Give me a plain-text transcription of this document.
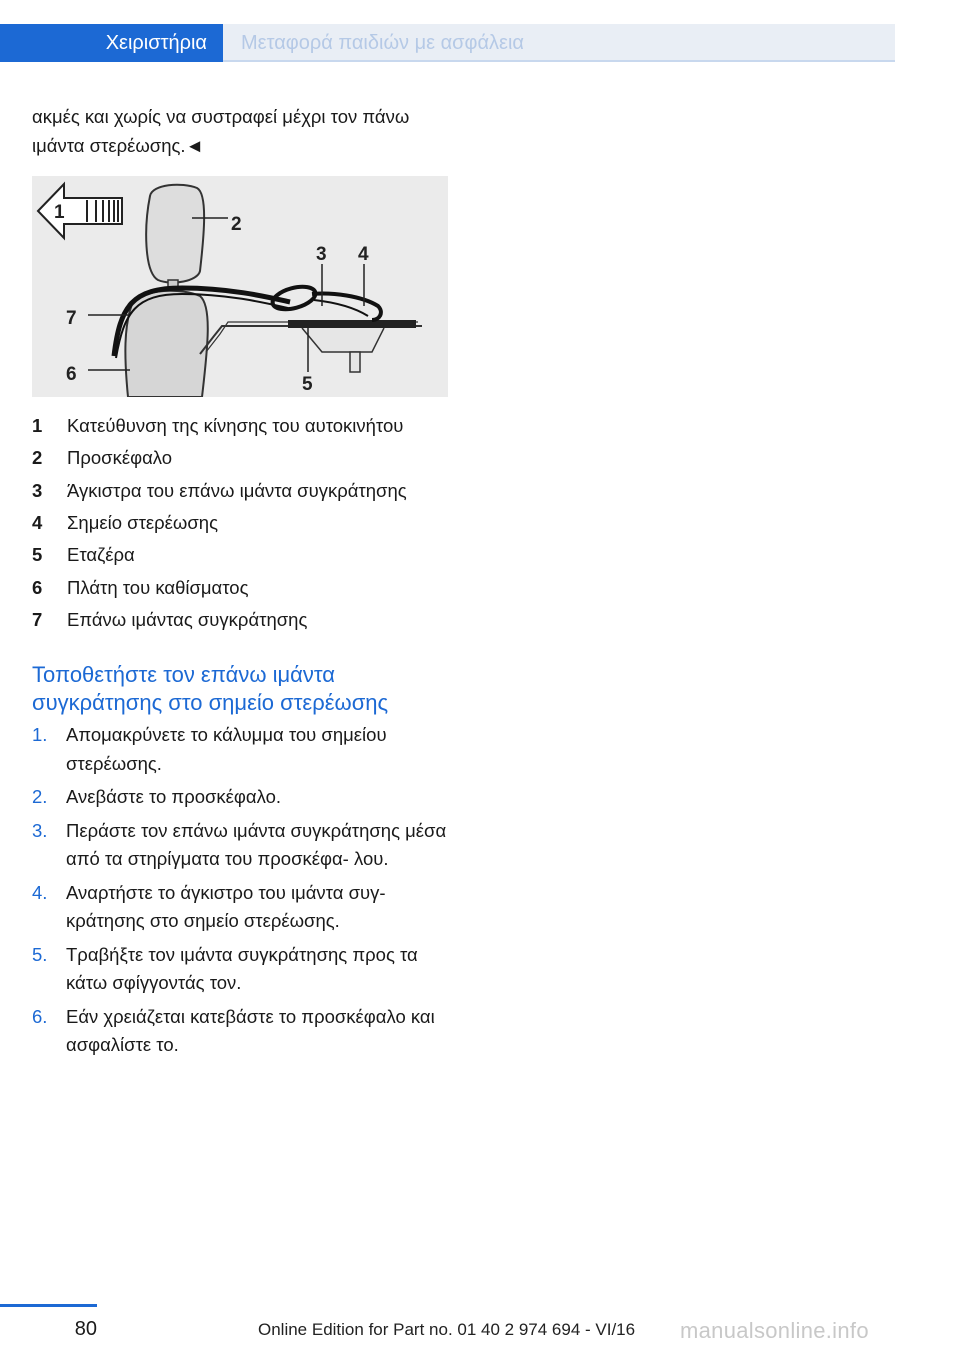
Χειριστήρια Μεταφορά παιδιών με ασφάλεια
ακμές και χωρίς να συστραφεί μέχρι τον πάνω
ιμάντα στερέωσης.◄
1
2
3 4
5
6
7
1	Κατεύθυνση της κίνησης του αυτοκινήτου
2	Προσκέφαλο
3	Άγκιστρα του επάνω ιμάντα συγκράτησης
4	Σημείο στερέωσης
5	Εταζέρα
6	Πλάτη του καθίσματος
7	Επάνω ιμάντας συγκράτησης
Τοποθετήστε τον επάνω ιμάντα
συγκράτησης στο σημείο στερέωσης
1.	Απομακρύνετε το κάλυμμα του σημείου στερέωσης.
2.	Ανεβάστε το προσκέφαλο.
3.	Περάστε τον επάνω ιμάντα συγκράτησης μέσα από τα στηρίγματα του προσκέφα‐ λου.
4.	Αναρτήστε το άγκιστρο του ιμάντα συγ‐ κράτησης στο σημείο στερέωσης.
5.	Τραβήξτε τον ιμάντα συγκράτησης προς τα κάτω σφίγγοντάς τον.
6.	Εάν χρειάζεται κατεβάστε το προσκέφαλο και ασφαλίστε το.
80	Online Edition for Part no. 01 40 2 974 694 - VI/16 manualsonline.info
